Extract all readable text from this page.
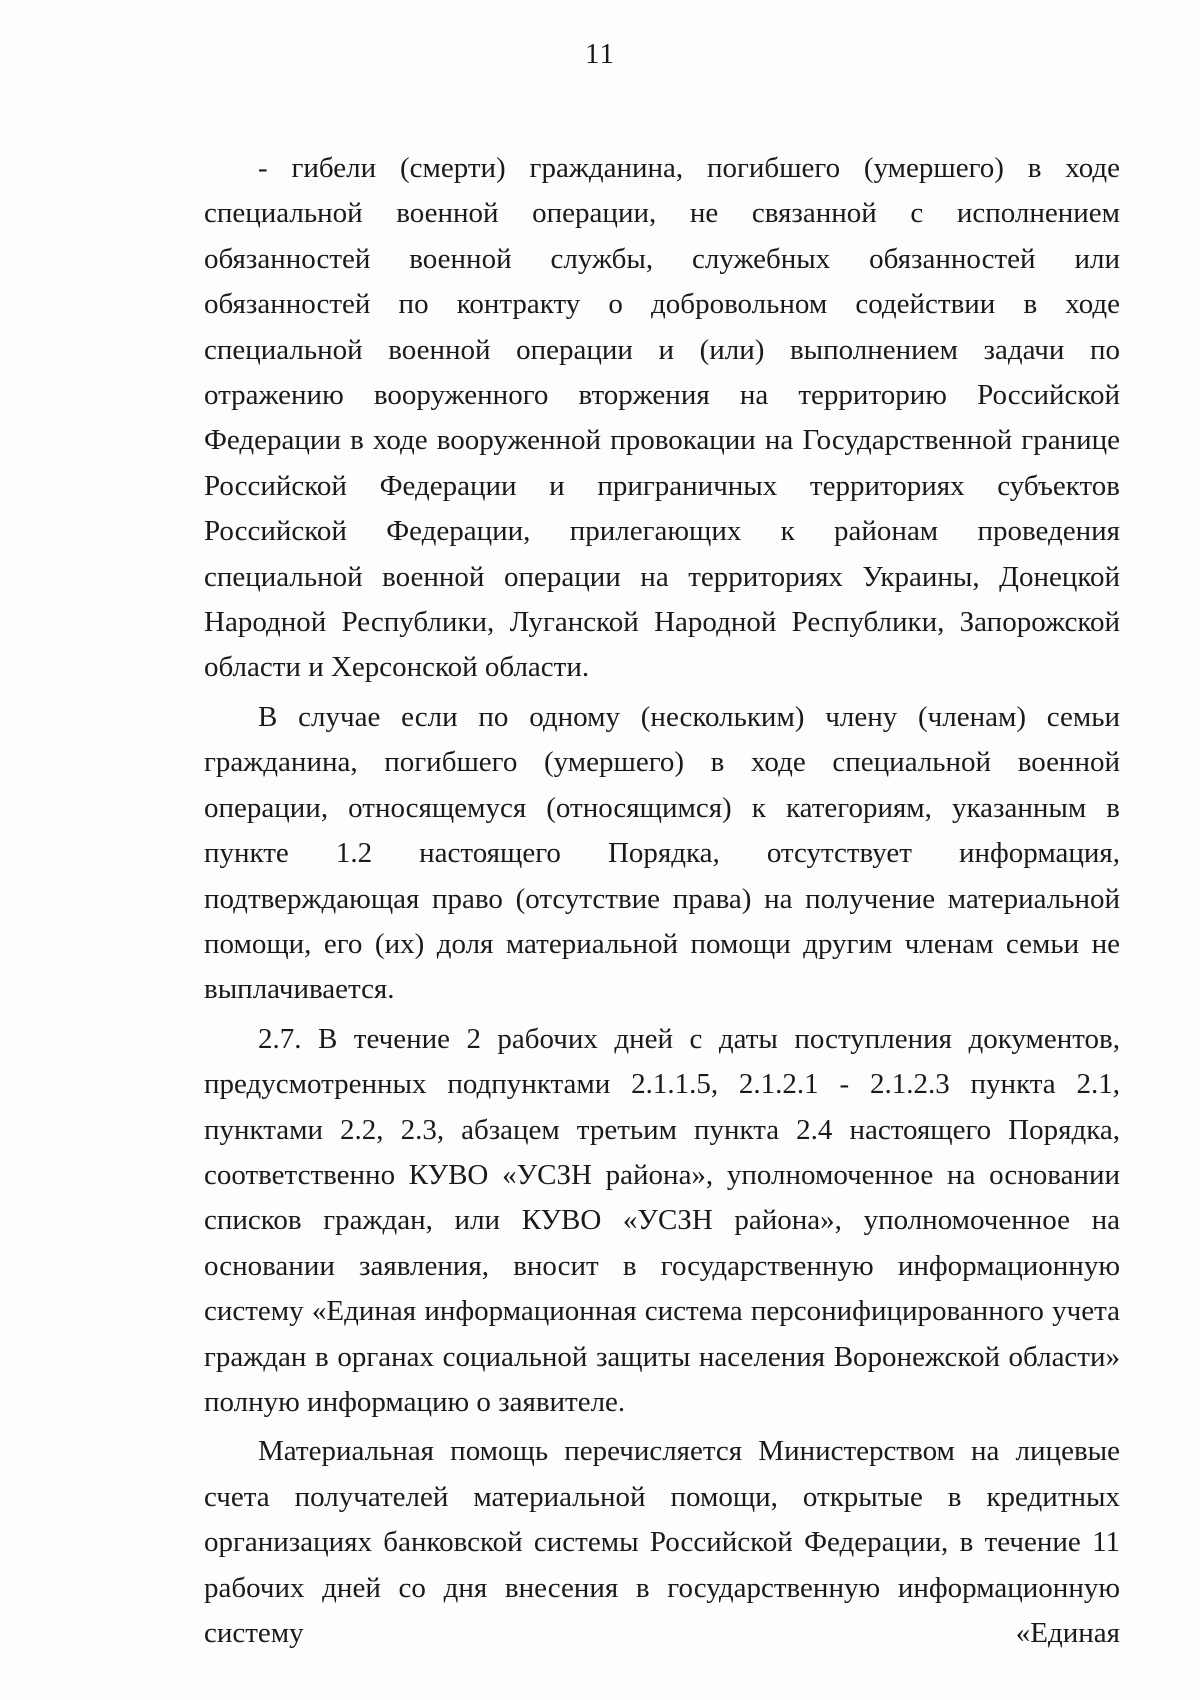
11

- гибели (смерти) гражданина, погибшего (умершего) в ходе специальной военной операции, не связанной с исполнением обязанностей военной службы, служебных обязанностей или обязанностей по контракту о добровольном содействии в ходе специальной военной операции и (или) выполнением задачи по отражению вооруженного вторжения на территорию Российской Федерации в ходе вооруженной провокации на Государственной границе Российской Федерации и приграничных территориях субъектов Российской Федерации, прилегающих к районам проведения специальной военной операции на территориях Украины, Донецкой Народной Республики, Луганской Народной Республики, Запорожской области и Херсонской области.

В случае если по одному (нескольким) члену (членам) семьи гражданина, погибшего (умершего) в ходе специальной военной операции, относящемуся (относящимся) к категориям, указанным в пункте 1.2 настоящего Порядка, отсутствует информация, подтверждающая право (отсутствие права) на получение материальной помощи, его (их) доля материальной помощи другим членам семьи не выплачивается.

2.7. В течение 2 рабочих дней с даты поступления документов, предусмотренных подпунктами 2.1.1.5, 2.1.2.1 - 2.1.2.3 пункта 2.1, пунктами 2.2, 2.3, абзацем третьим пункта 2.4 настоящего Порядка, соответственно КУВО «УСЗН района», уполномоченное на основании списков граждан, или КУВО «УСЗН района», уполномоченное на основании заявления, вносит в государственную информационную систему «Единая информационная система персонифицированного учета граждан в органах социальной защиты населения Воронежской области» полную информацию о заявителе.

Материальная помощь перечисляется Министерством на лицевые счета получателей материальной помощи, открытые в кредитных организациях банковской системы Российской Федерации, в течение 11 рабочих дней со дня внесения в государственную информационную систему «Единая
